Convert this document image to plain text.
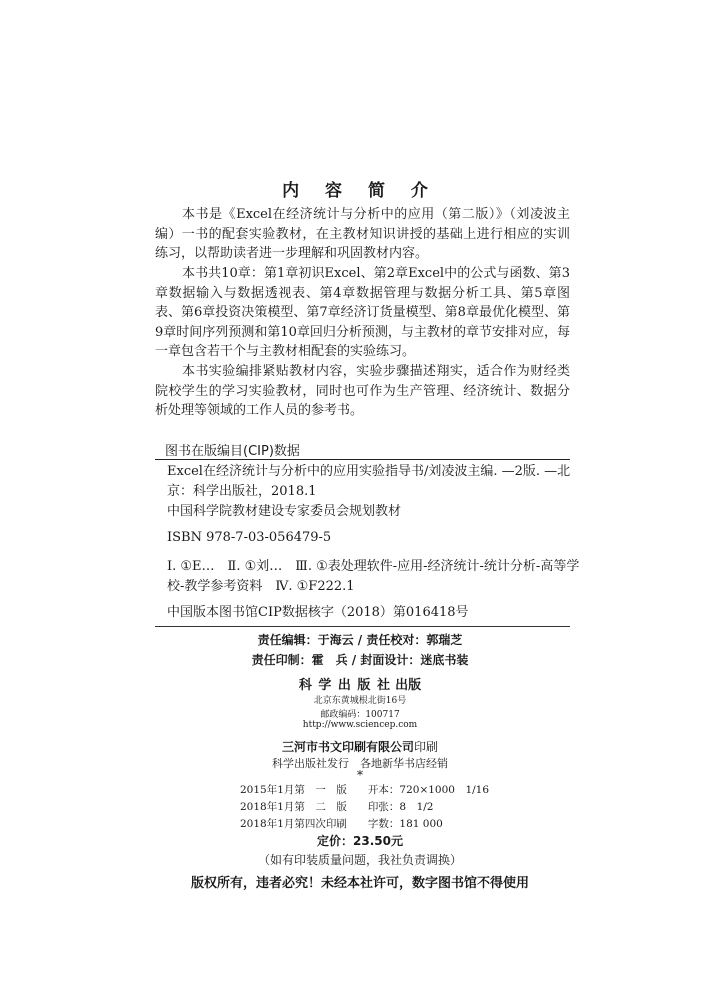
内 容 简 介

本书是《Excel在经济统计与分析中的应用（第二版）》（刘凌波主编）一书的配套实验教材，在主教材知识讲授的基础上进行相应的实训练习，以帮助读者进一步理解和巩固教材内容。

本书共10章：第1章初识Excel、第2章Excel中的公式与函数、第3章数据输入与数据透视表、第4章数据管理与数据分析工具、第5章图表、第6章投资决策模型、第7章经济订货量模型、第8章最优化模型、第9章时间序列预测和第10章回归分析预测，与主教材的章节安排对应，每一章包含若干个与主教材相配套的实验练习。

本书实验编排紧贴教材内容，实验步骤描述翔实，适合作为财经类院校学生的学习实验教材，同时也可作为生产管理、经济统计、数据分析处理等领域的工作人员的参考书。

图书在版编目(CIP)数据

Excel在经济统计与分析中的应用实验指导书/刘凌波主编. —2版. —北京：科学出版社，2018.1

中国科学院教材建设专家委员会规划教材

ISBN 978-7-03-056479-5

Ⅰ. ①E…　Ⅱ. ①刘…　Ⅲ. ①表处理软件-应用-经济统计-统计分析-高等学校-教学参考资料　Ⅳ. ①F222.1

中国版本图书馆CIP数据核字（2018）第016418号

责任编辑：于海云 / 责任校对：郭瑞芝
责任印制：霍　兵 / 封面设计：迷底书装
科 学 出 版 社 出版
北京东黄城根北街16号
邮政编码：100717
http://www.sciencep.com
三河市书文印刷有限公司印刷
科学出版社发行　各地新华书店经销
*
2015年1月第　一　版　　开本：720×1000　1/16
2018年1月第　二　版　　印张：8　1/2
2018年1月第四次印刷　　字数：181 000
定价：23.50元
（如有印装质量问题，我社负责调换）
版权所有，违者必究！未经本社许可，数字图书馆不得使用
